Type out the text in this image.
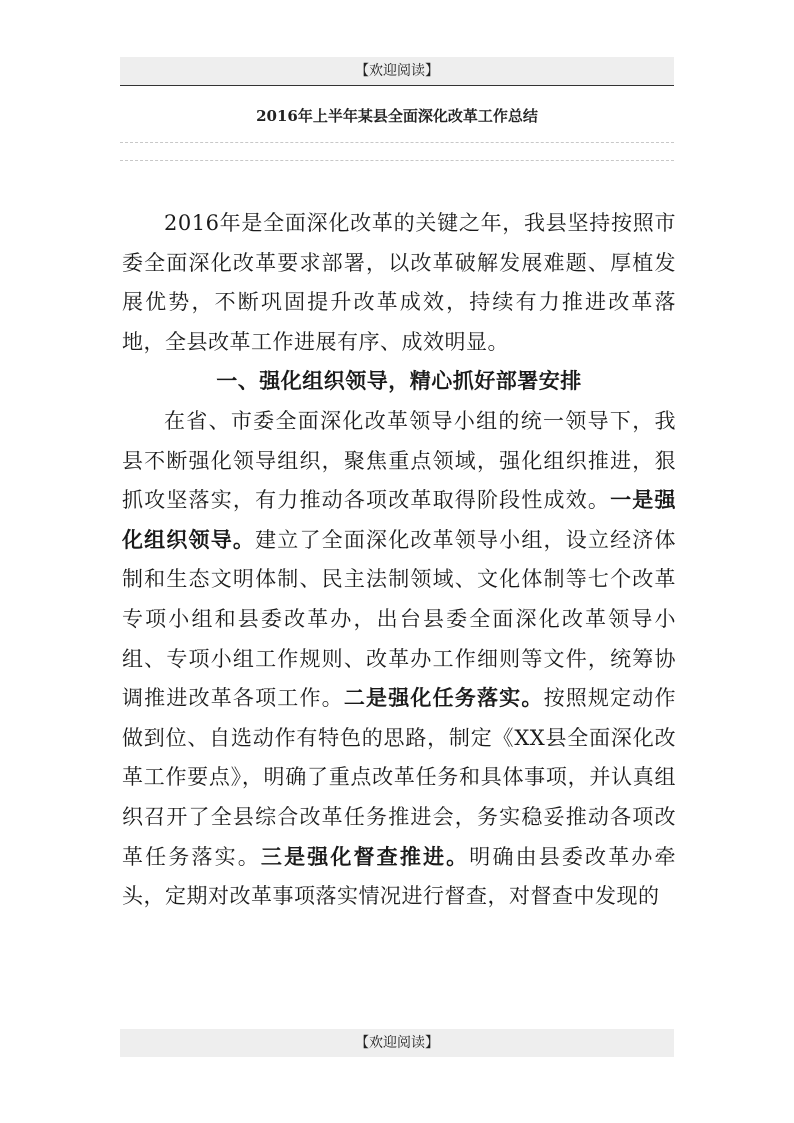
【欢迎阅读】
2016年上半年某县全面深化改革工作总结

2016年是全面深化改革的关键之年，我县坚持按照市委全面深化改革要求部署，以改革破解发展难题、厚植发展优势，不断巩固提升改革成效，持续有力推进改革落地，全县改革工作进展有序、成效明显。

一、强化组织领导，精心抓好部署安排

在省、市委全面深化改革领导小组的统一领导下，我县不断强化领导组织，聚焦重点领域，强化组织推进，狠抓攻坚落实，有力推动各项改革取得阶段性成效。一是强化组织领导。建立了全面深化改革领导小组，设立经济体制和生态文明体制、民主法制领域、文化体制等七个改革专项小组和县委改革办，出台县委全面深化改革领导小组、专项小组工作规则、改革办工作细则等文件，统筹协调推进改革各项工作。二是强化任务落实。按照规定动作做到位、自选动作有特色的思路，制定《XX县全面深化改革工作要点》，明确了重点改革任务和具体事项，并认真组织召开了全县综合改革任务推进会，务实稳妥推动各项改革任务落实。三是强化督查推进。明确由县委改革办牵头，定期对改革事项落实情况进行督查，对督查中发现的

【欢迎阅读】
